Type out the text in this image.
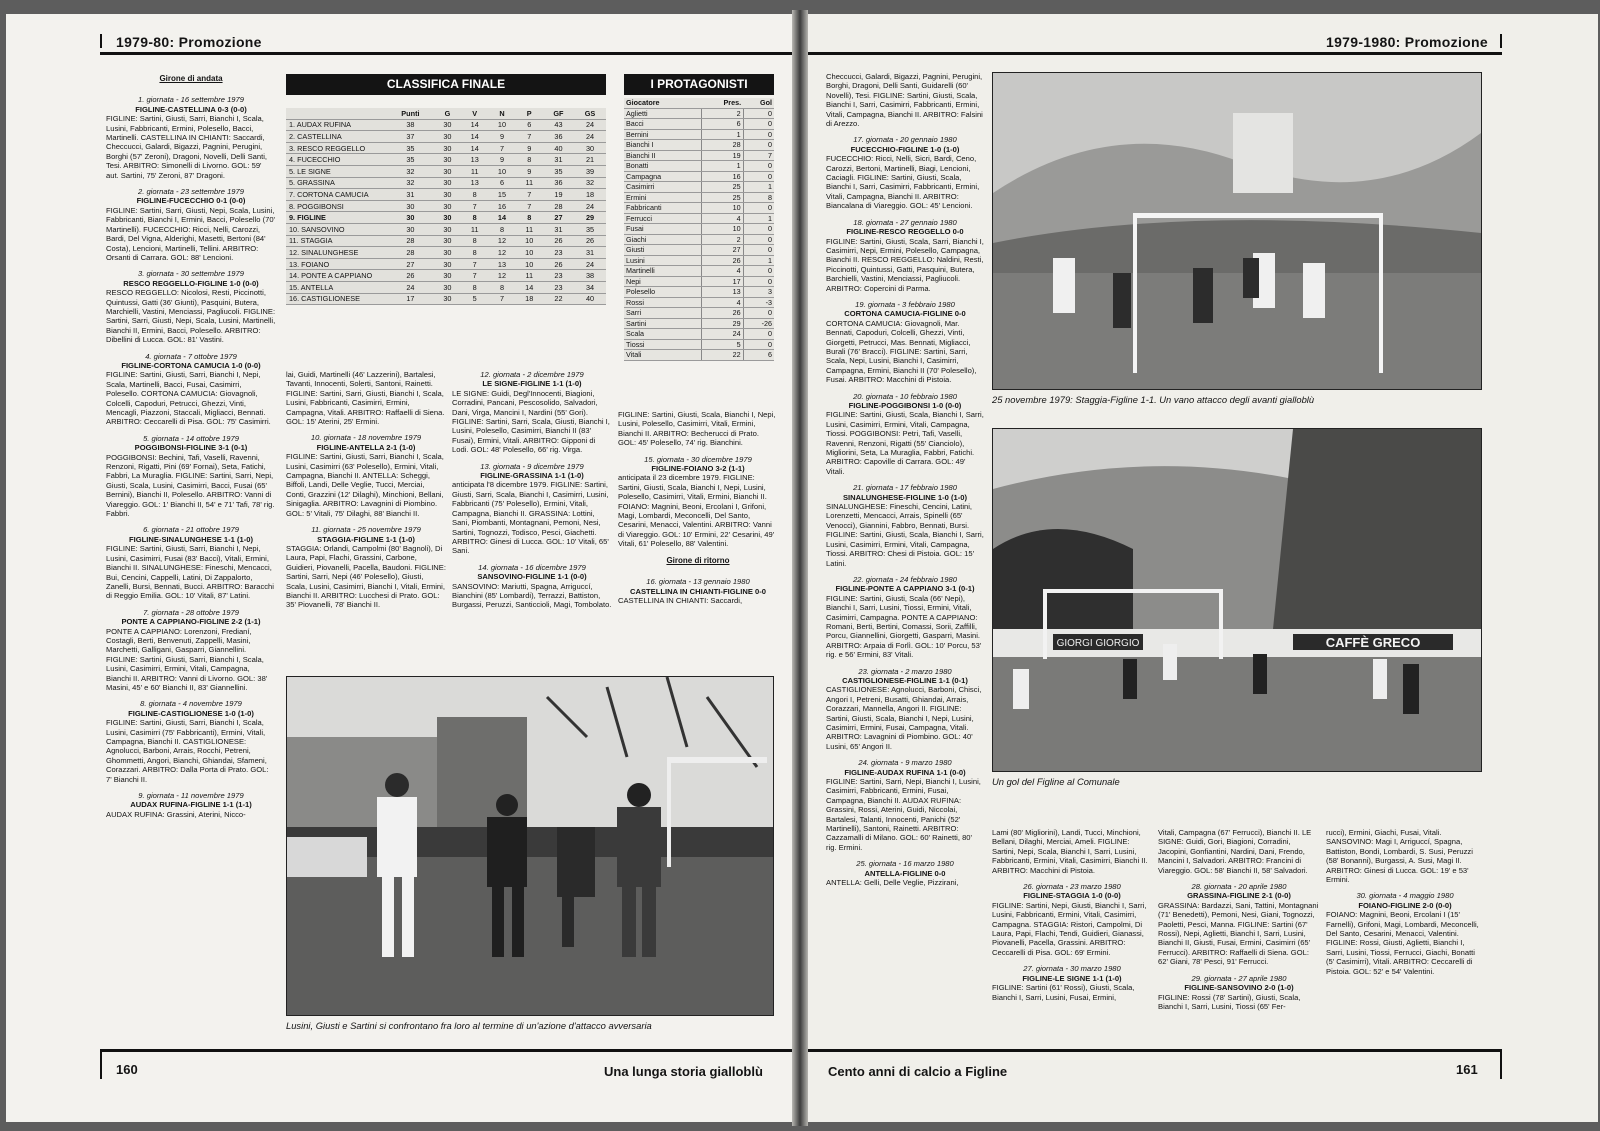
1979-80: Promozione
Girone di andata

1. giornata - 16 settembre 1979
FIGLINE-CASTELLINA 0-3 (0-0)
FIGLINE: Sartini, Giusti, Sarri, Bianchi I, Scala, Lusini, Fabbricanti, Ermini, Polesello, Bacci, Martinelli. CASTELLINA IN CHIANTI: Saccardi, Checcucci, Galardi, Bigazzi, Pagnini, Perugini, Borghi (57' Zeroni), Dragoni, Novelli, Delli Santi, Tesi. ARBITRO: Simonelli di Livorno. GOL: 59' aut. Sartini, 75' Zeroni, 87' Dragoni.

2. giornata - 23 settembre 1979
FIGLINE-FUCECCHIO 0-1 (0-0)
FIGLINE: Sartini, Sarri, Giusti, Nepi, Scala, Lusini, Fabbricanti, Bianchi I, Ermini, Bacci, Polesello (70' Martinelli). FUCECCHIO: Ricci, Nelli, Carozzi, Bardi, Del Vigna, Alderighi, Masetti, Bertoni (84' Costa), Lencioni, Martinelli, Tellini. ARBITRO: Orsanti di Carrara. GOL: 88' Lencioni.

3. giornata - 30 settembre 1979
RESCO REGGELLO-FIGLINE 1-0 (0-0)
RESCO REGGELLO: Nicolosi, Resti, Piccinotti, Quintussi, Gatti (36' Giunti), Pasquini, Butera, Marchielli, Vastini, Menciassi, Pagliucoli. FIGLINE: Sartini, Sarri, Giusti, Nepi, Scala, Lusini, Martinelli, Bianchi II, Ermini, Bacci, Polesello. ARBITRO: Dibellini di Lucca. GOL: 81' Vastini.

4. giornata - 7 ottobre 1979
FIGLINE-CORTONA CAMUCIA 1-0 (0-0)
FIGLINE: Sartini, Giusti, Sarri, Bianchi I, Nepi, Scala, Martinelli, Bacci, Fusai, Casimirri, Polesello. CORTONA CAMUCIA: Giovagnoli, Colcelli, Capoduri, Petrucci, Ghezzi, Vinti, Mencagli, Piazzoni, Staccali, Migliacci, Bennati. ARBITRO: Ceccarelli di Pisa. GOL: 75' Casimirri.

5. giornata - 14 ottobre 1979
POGGIBONSI-FIGLINE 3-1 (0-1)
POGGIBONSI: Bechini, Tafi, Vaselli, Ravenni, Renzoni, Rigatti, Pini (69' Fornai), Seta, Fatichi, Fabbri, La Muraglia. FIGLINE: Sartini, Sarri, Nepi, Giusti, Scala, Lusini, Casimirri, Bacci, Fusai (65' Bernini), Bianchi II, Polesello. ARBITRO: Vanni di Viareggio. GOL: 1' Bianchi II, 54' e 71' Tafi, 78' rig. Fabbri.

6. giornata - 21 ottobre 1979
FIGLINE-SINALUNGHESE 1-1 (1-0)
FIGLINE: Sartini, Giusti, Sarri, Bianchi I, Nepi, Lusini, Casimirri, Fusai (83' Bacci), Vitali, Ermini, Bianchi II. SINALUNGHESE: Fineschi, Mencacci, Bui, Cencini, Cappelli, Latini, Di Zappalorto, Zanelli, Bursi, Bennati, Bucci. ARBITRO: Baracchi di Reggio Emilia. GOL: 10' Vitali, 87' Latini.

7. giornata - 28 ottobre 1979
PONTE A CAPPIANO-FIGLINE 2-2 (1-1)
PONTE A CAPPIANO: Lorenzoni, Fredianí, Costagli, Berti, Benvenuti, Zappelli, Masini, Marchetti, Galligani, Gasparri, Giannellini. FIGLINE: Sartini, Giusti, Sarri, Bianchi I, Scala, Lusini, Casimirri, Ermini, Vitali, Campagna, Bianchi II. ARBITRO: Vanni di Livorno. GOL: 38' Masini, 45' e 60' Bianchi II, 83' Giannellini.

8. giornata - 4 novembre 1979
FIGLINE-CASTIGLIONESE 1-0 (1-0)
FIGLINE: Sartini, Giusti, Sarri, Bianchi I, Scala, Lusini, Casimirri (75' Fabbricanti), Ermini, Vitali, Campagna, Bianchi II. CASTIGLIONESE: Agnolucci, Barboni, Arrais, Rocchi, Petreni, Ghommetti, Angori, Bianchi, Ghiandai, Sfameni, Corazzari. ARBITRO: Dalla Porta di Prato. GOL: 7' Bianchi II.

9. giornata - 11 novembre 1979
AUDAX RUFINA-FIGLINE 1-1 (1-1)
AUDAX RUFINA: Grassini, Aterini, Nicco-

	Punti	G	V	N	P	GF	GS
1. AUDAX RUFINA	38	30	14	10	6	43	24
2. CASTELLINA	37	30	14	9	7	36	24
3. RESCO REGGELLO	35	30	14	7	9	40	30
4. FUCECCHIO	35	30	13	9	8	31	21
5. LE SIGNE	32	30	11	10	9	35	39
5. GRASSINA	32	30	13	6	11	36	32
7. CORTONA CAMUCIA	31	30	8	15	7	19	18
8. POGGIBONSI	30	30	7	16	7	28	24
9. FIGLINE	30	30	8	14	8	27	29
10. SANSOVINO	30	30	11	8	11	31	35
11. STAGGIA	28	30	8	12	10	26	26
12. SINALUNGHESE	28	30	8	12	10	23	31
13. FOIANO	27	30	7	13	10	26	24
14. PONTE A CAPPIANO	26	30	7	12	11	23	38
15. ANTELLA	24	30	8	8	14	23	34
16. CASTIGLIONESE	17	30	5	7	18	22	40
CLASSIFICA FINALE	I PROTAGONISTI
Giocatore	Pres.	Gol
Aglietti	2	0
Bacci	6	0
Bernini	1	0
Bianchi I	28	0
Bianchi II	19	7
Bonatti	1	0
Campagna	16	0
Casimirri	25	1
Ermini	25	8
Fabbricanti	10	0
Ferrucci	4	1
Fusai	10	0
Giachi	2	0
Giusti	27	0
Lusini	26	1
Martinelli	4	0
Nepi	17	0
Polesello	13	3
Rossi	4	-3
Sarri	26	0
Sartini	29	-26
Scala	24	0
Tiossi	5	0
Vitali	22	6

lai, Guidi, Martinelli (46' Lazzerini), Bartalesi, Tavanti, Innocenti, Solerti, Santoni, Rainetti. FIGLINE: Sartini, Sarri, Giusti, Bianchi I, Scala, Lusini, Fabbricanti, Casimirri, Ermini, Campagna, Vitali. ARBITRO: Raffaelli di Siena. GOL: 15' Aterini, 25' Ermini.

10. giornata - 18 novembre 1979
FIGLINE-ANTELLA 2-1 (1-0)
FIGLINE: Sartini, Giusti, Sarri, Bianchi I, Scala, Lusini, Casimirri (63' Polesello), Ermini, Vitali, Campagna, Bianchi II. ANTELLA: Scheggi, Biffoli, Landi, Delle Veglie, Tucci, Merciai, Conti, Grazzini (12' Dilaghi), Minchioni, Bellani, Sinigaglia. ARBITRO: Lavagnini di Piombino. GOL: 5' Vitali, 75' Dilaghi, 88' Bianchi II.

11. giornata - 25 novembre 1979
STAGGIA-FIGLINE 1-1 (1-0)
STAGGIA: Orlandi, Campolmi (80' Bagnoli), Di Laura, Papi, Flachi, Grassini, Carbone, Guidieri, Piovanelli, Pacella, Baudoni. FIGLINE: Sartini, Sarri, Nepi (46' Polesello), Giusti, Scala, Lusini, Casimirri, Bianchi I, Vitali, Ermini, Bianchi II. ARBITRO: Lucchesi di Prato. GOL: 35' Piovanelli, 78' Bianchi II.

12. giornata - 2 dicembre 1979
LE SIGNE-FIGLINE 1-1 (1-0)
LE SIGNE: Guidi, Degl'Innocenti, Biagioni, Corradini, Pancani, Pescosolido, Salvadori, Dani, Virga, Mancini I, Nardini (55' Gori). FIGLINE: Sartini, Sarri, Scala, Giusti, Bianchi I, Lusini, Polesello, Casimirri, Bianchi II (83' Fusai), Ermini, Vitali. ARBITRO: Gipponi di Lodi. GOL: 48' Polesello, 66' rig. Virga.

13. giornata - 9 dicembre 1979
FIGLINE-GRASSINA 1-1 (1-0)
anticipata l'8 dicembre 1979. FIGLINE: Sartini, Giusti, Sarri, Scala, Bianchi I, Casimirri, Lusini, Fabbricanti (75' Polesello), Ermini, Vitali, Campagna, Bianchi II. GRASSINA: Lottini, Sani, Piombanti, Montagnani, Pemoni, Nesi, Sartini, Tognozzi, Todisco, Pesci, Giachetti. ARBITRO: Ginesi di Lucca. GOL: 10' Vitali, 65' Sani.

14. giornata - 16 dicembre 1979
SANSOVINO-FIGLINE 1-1 (0-0)
SANSOVINO: Mariutti, Spagna, Arriguccí, Bianchini (85' Lombardi), Terrazzi, Battiston, Burgassi, Peruzzi, Santiccioli, Magi, Tombolato.

FIGLINE: Sartini, Giusti, Scala, Bianchi I, Nepi, Lusini, Polesello, Casimirri, Vitali, Ermini, Bianchi II. ARBITRO: Becherucci di Prato. GOL: 45' Polesello, 74' rig. Bianchini.

15. giornata - 30 dicembre 1979
FIGLINE-FOIANO 3-2 (1-1)
anticipata il 23 dicembre 1979. FIGLINE: Sartini, Giusti, Scala, Bianchi I, Nepi, Lusini, Polesello, Casimirri, Vitali, Ermini, Bianchi II. FOIANO: Magnini, Beoni, Ercolani I, Grifoni, Magi, Lombardi, Meconcelli, Del Santo, Cesarini, Menacci, Valentini. ARBITRO: Vanni di Viareggio. GOL: 10' Ermini, 22' Cesarini, 49' Vitali, 61' Polesello, 88' Valentini.

Girone di ritorno

16. giornata - 13 gennaio 1980
CASTELLINA IN CHIANTI-FIGLINE 0-0
CASTELLINA IN CHIANTI: Saccardi,

Lusini, Giusti e Sartini si confrontano fra loro al termine di un'azione d'attacco avversaria
160	Una lunga storia gialloblù
1979-1980: Promozione

Checcucci, Galardi, Bigazzi, Pagnini, Perugini, Borghi, Dragoni, Delli Santi, Guidarelli (60' Novelli), Tesi. FIGLINE: Sartini, Giusti, Scala, Bianchi I, Sarri, Casimirri, Fabbricanti, Ermini, Vitali, Campagna, Bianchi II. ARBITRO: Falsini di Arezzo.

17. giornata - 20 gennaio 1980
FUCECCHIO-FIGLINE 1-0 (1-0)
FUCECCHIO: Ricci, Nelli, Sicri, Bardi, Ceno, Carozzi, Bertoni, Martinelli, Biagi, Lencioni, Caciagli. FIGLINE: Sartini, Giusti, Scala, Bianchi I, Sarri, Casimirri, Fabbricanti, Ermini, Vitali, Campagna, Bianchi II. ARBITRO: Biancalana di Viareggio. GOL: 45' Lencioni.

18. giornata - 27 gennaio 1980
FIGLINE-RESCO REGGELLO 0-0
FIGLINE: Sartini, Giusti, Scala, Sarri, Bianchi I, Casimirri, Nepi, Ermini, Polesello, Campagna, Bianchi II. RESCO REGGELLO: Naldini, Resti, Piccinotti, Quintussi, Gatti, Pasquini, Butera, Barchielli, Vastini, Menciassi, Pagliucoli. ARBITRO: Copercini di Parma.

19. giornata - 3 febbraio 1980
CORTONA CAMUCIA-FIGLINE 0-0
CORTONA CAMUCIA: Giovagnoli, Mar. Bennati, Capoduri, Colcelli, Ghezzi, Vinti, Giorgetti, Petrucci, Mas. Bennati, Migliacci, Burali (76' Bracci). FIGLINE: Sartini, Sarri, Scala, Nepi, Lusini, Bianchi I, Casimirri, Campagna, Ermini, Bianchi II (70' Polesello), Fusai. ARBITRO: Macchini di Pistoia.

20. giornata - 10 febbraio 1980
FIGLINE-POGGIBONSI 1-0 (0-0)
FIGLINE: Sartini, Giusti, Scala, Bianchi I, Sarri, Lusini, Casimirri, Ermini, Vitali, Campagna, Tiossi. POGGIBONSI: Petri, Tafi, Vaselli, Ravenni, Renzoni, Rigatti (55' Cianciolo), Migliorini, Seta, La Muraglia, Fabbri, Fatichi. ARBITRO: Capoville di Carrara. GOL: 49' Vitali.

21. giornata - 17 febbraio 1980
SINALUNGHESE-FIGLINE 1-0 (1-0)
SINALUNGHESE: Fineschi, Cencini, Latini, Lorenzetti, Mencacci, Arrais, Spinelli (65' Venocci), Giannini, Fabbro, Bennati, Bursi. FIGLINE: Sartini, Giusti, Scala, Bianchi I, Sarri, Lusini, Casimirri, Ermini, Vitali, Campagna, Tiossi. ARBITRO: Chesi di Pistoia. GOL: 15' Latini.

22. giornata - 24 febbraio 1980
FIGLINE-PONTE A CAPPIANO 3-1 (0-1)
FIGLINE: Sartini, Giusti, Scala (66' Nepi), Bianchi I, Sarri, Lusini, Tiossi, Ermini, Vitali, Casimirri, Campagna. PONTE A CAPPIANO: Romani, Berti, Bertini, Comassi, Sorii, Zaffilli, Porcu, Giannellini, Giorgetti, Gasparri, Masini. ARBITRO: Arpaia di Forlì. GOL: 10' Porcu, 53' rig. e 56' Ermini, 83' Vitali.

23. giornata - 2 marzo 1980
CASTIGLIONESE-FIGLINE 1-1 (0-1)
CASTIGLIONESE: Agnolucci, Barboni, Chisci, Angori I, Petreni, Busatti, Ghiandai, Arrais, Corazzari, Mannella, Angori II. FIGLINE: Sartini, Giusti, Scala, Bianchi I, Nepi, Lusini, Casimirri, Ermini, Fusai, Campagna, Vitali. ARBITRO: Lavagnini di Piombino. GOL: 40' Lusini, 65' Angori II.

24. giornata - 9 marzo 1980
FIGLINE-AUDAX RUFINA 1-1 (0-0)
FIGLINE: Sartini, Sarri, Nepi, Bianchi I, Lusini, Casimirri, Fabbricanti, Ermini, Fusai, Campagna, Bianchi II. AUDAX RUFINA: Grassini, Rossi, Aterini, Guidi, Niccolai, Bartalesi, Talanti, Innocenti, Panichi (52' Martinelli), Santoni, Rainetti. ARBITRO: Cazzamalli di Milano. GOL: 60' Rainetti, 80' rig. Ermini.

25. giornata - 16 marzo 1980
ANTELLA-FIGLINE 0-0
ANTELLA: Gelli, Delle Veglie, Pizzirani,

25 novembre 1979: Staggia-Figline 1-1. Un vano attacco degli avanti gialloblù
GIORGI GIORGIO	CAFFÈ GRECO
Un gol del Figline al Comunale

Lami (80' Migliorini), Landi, Tucci, Minchioni, Bellani, Dilaghi, Merciai, Ameli. FIGLINE: Sartini, Nepi, Scala, Bianchi I, Sarri, Lusini, Fabbricanti, Ermini, Vitali, Casimirri, Bianchi II. ARBITRO: Macchini di Pistoia.

26. giornata - 23 marzo 1980
FIGLINE-STAGGIA 1-0 (0-0)
FIGLINE: Sartini, Nepi, Giusti, Bianchi I, Sarri, Lusini, Fabbricanti, Ermini, Vitali, Casimirri, Campagna. STAGGIA: Ristori, Campolmi, Di Laura, Papi, Flachi, Tendi, Guidieri, Gianassi, Piovanelli, Pacella, Grassini. ARBITRO: Ceccarelli di Pisa. GOL: 69' Ermini.

27. giornata - 30 marzo 1980
FIGLINE-LE SIGNE 1-1 (1-0)
FIGLINE: Sartini (61' Rossi), Giusti, Scala, Bianchi I, Sarri, Lusini, Fusai, Ermini,

Vitali, Campagna (67' Ferrucci), Bianchi II. LE SIGNE: Guidi, Gori, Biagioni, Corradini, Jacopini, Gonfiantini, Nardini, Dani, Frendo, Mancini I, Salvadori. ARBITRO: Francini di Viareggio. GOL: 58' Bianchi II, 58' Salvadori.

28. giornata - 20 aprile 1980
GRASSINA-FIGLINE 2-1 (0-0)
GRASSINA: Bardazzi, Sani, Tattini, Montagnani (71' Benedetti), Pemoni, Nesi, Giani, Tognozzi, Paoletti, Pesci, Manna. FIGLINE: Sartini (67' Rossi), Nepi, Aglietti, Bianchi I, Sarri, Lusini, Bianchi II, Giusti, Fusai, Ermini, Casimirri (65' Ferrucci). ARBITRO: Raffaelli di Siena. GOL: 62' Giani, 78' Pesci, 91' Ferrucci.

29. giornata - 27 aprile 1980
FIGLINE-SANSOVINO 2-0 (1-0)
FIGLINE: Rossi (78' Sartini), Giusti, Scala, Bianchi I, Sarri, Lusini, Tiossi (65' Fer-

rucci), Ermini, Giachi, Fusai, Vitali. SANSOVINO: Magi I, Arriguccí, Spagna, Battiston, Bondi, Lombardi, S. Susi, Peruzzi (58' Bonanni), Burgassi, A. Susi, Magi II. ARBITRO: Ginesi di Lucca. GOL: 19' e 53' Ermini.

30. giornata - 4 maggio 1980
FOIANO-FIGLINE 2-0 (0-0)
FOIANO: Magnini, Beoni, Ercolani I (15' Farnelli), Grifoni, Magi, Lombardi, Meconcelli, Del Santo, Cesarini, Menacci, Valentini. FIGLINE: Rossi, Giusti, Aglietti, Bianchi I, Sarri, Lusini, Tiossi, Ferrucci, Giachi, Bonatti (5' Casimirri), Vitali. ARBITRO: Ceccarelli di Pistoia. GOL: 52' e 54' Valentini.

Cento anni di calcio a Figline	161
